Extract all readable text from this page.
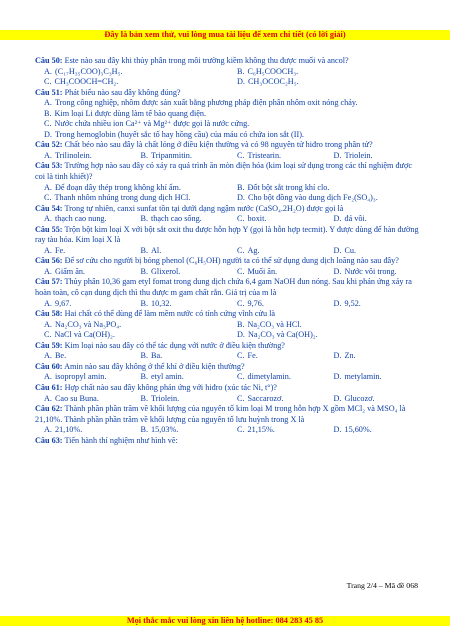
Đây là bản xem thử, vui lòng mua tài liệu để xem chi tiết (có lời giải)

Câu 50: Este nào sau đây khi thủy phân trong môi trường kiềm không thu được muối và ancol?

A. (C₁₇H₃₅COO)₃C₃H₅.	B. C₆H₅COOCH₃.
C. CH₃COOCH=CH₂.	D. CH₃OCOC₂H₅.

Câu 51: Phát biểu nào sau đây không đúng?

A. Trong công nghiệp, nhôm được sản xuất bằng phương pháp điện phân nhôm oxit nóng chảy.
B. Kim loại Li được dùng làm tế bào quang điện.
C. Nước chứa nhiều ion Ca²⁺ và Mg²⁺ được gọi là nước cứng.
D. Trong hemoglobin (huyết sắc tố hay hồng cầu) của máu có chứa ion sắt (II).

Câu 52: Chất béo nào sau đây là chất lỏng ở điều kiện thường và có 98 nguyên tử hiđro trong phân tử?

A. Trilinolein.	B. Tripanmitin.	C. Tristearin.	D. Triolein.

Câu 53: Trường hợp nào sau đây có xảy ra quá trình ăn mòn điện hóa (kim loại sử dụng trong các thí nghiệm được coi là tinh khiết)?

A. Để đoạn dây thép trong không khí ẩm.	B. Đốt bột sắt trong khí clo.
C. Thanh nhôm nhúng trong dung dịch HCl.	D. Cho bột đồng vào dung dịch Fe₂(SO₄)₃.

Câu 54: Trong tự nhiên, canxi sunfat tồn tại dưới dạng ngậm nước (CaSO₄.2H₂O) được gọi là

A. thạch cao nung.	B. thạch cao sống.	C. boxit.	D. đá vôi.

Câu 55: Trộn bột kim loại X với bột sắt oxit thu được hỗn hợp Y (gọi là hỗn hợp tecmit). Y được dùng để hàn đường ray tàu hỏa. Kim loại X là

A. Fe.	B. Al.	C. Ag.	D. Cu.

Câu 56: Để sơ cứu cho người bị bỏng phenol (C₆H₅OH) người ta có thể sử dụng dung dịch loãng nào sau đây?

A. Giấm ăn.	B. Glixerol.	C. Muối ăn.	D. Nước vôi trong.

Câu 57: Thủy phân 10,36 gam etyl fomat trong dung dịch chứa 6,4 gam NaOH đun nóng. Sau khi phản ứng xảy ra hoàn toàn, cô cạn dung dịch thì thu được m gam chất rắn. Giá trị của m là

A. 9,67.	B. 10,32.	C. 9,76.	D. 9,52.

Câu 58: Hai chất có thể dùng để làm mềm nước có tính cứng vĩnh cửu là

A. Na₂CO₃ và Na₃PO₄.	B. Na₂CO₃ và HCl.
C. NaCl và Ca(OH)₂.	D. Na₂CO₃ và Ca(OH)₂.

Câu 59: Kim loại nào sau đây có thể tác dụng với nước ở điều kiện thường?

A. Be.	B. Ba.	C. Fe.	D. Zn.

Câu 60: Amin nào sau đây không ở thể khí ở điều kiện thường?

A. isopropyl amin.	B. etyl amin.	C. dimetylamin.	D. metylamin.

Câu 61: Hợp chất nào sau đây không phản ứng với hiđro (xúc tác Ni, t°)?

A. Cao su Buna.	B. Triolein.	C. Saccarozơ.	D. Glucozơ.

Câu 62: Thành phần phần trăm về khối lượng của nguyên tố kim loại M trong hỗn hợp X gồm MCl₂ và MSO₄ là 21,10%. Thành phần phần trăm về khối lượng của nguyên tố lưu huỳnh trong X là

A. 21,10%.	B. 15,03%.	C. 21,15%.	D. 15,60%.

Câu 63: Tiến hành thí nghiệm như hình vẽ:

Trang 2/4 – Mã đề 068
Mọi thắc mắc vui lòng xin liên hệ hotline: 084 283 45 85
